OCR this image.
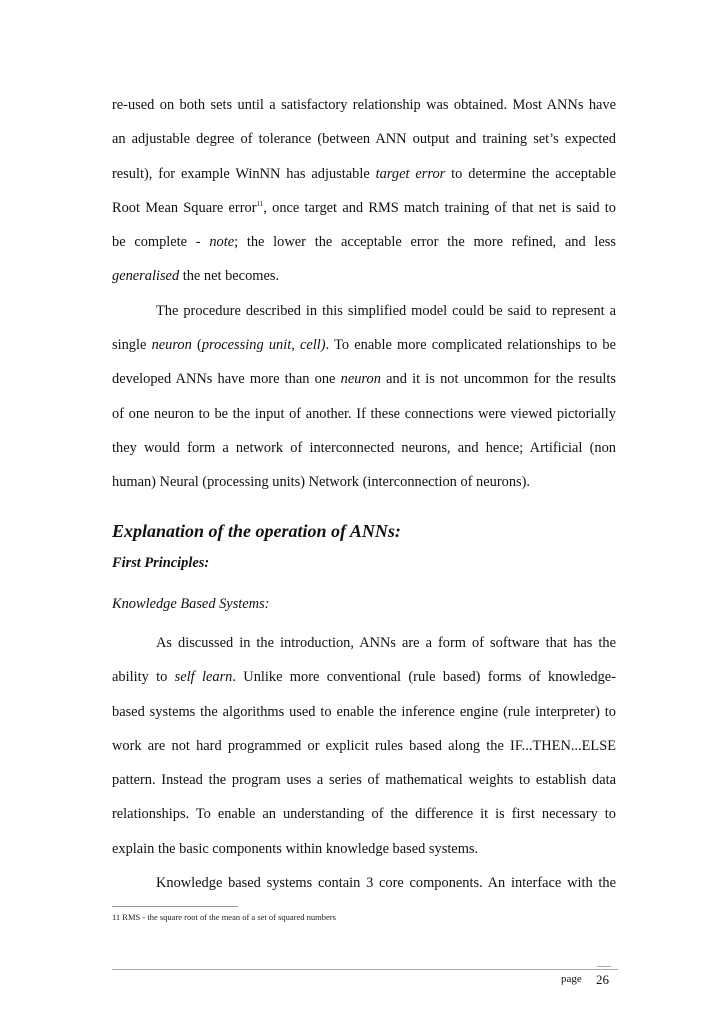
re-used on both sets until a satisfactory relationship was obtained. Most ANNs have
an adjustable degree of tolerance (between ANN output and training set’s expected
result), for example WinNN has adjustable target error to determine the acceptable
Root Mean Square error$^{11}$, once target and RMS match training of that net is said to
be complete - note; the lower the acceptable error the more refined, and less
generalised the net becomes.

The procedure described in this simplified model could be said to represent a
single neuron (processing unit, cell). To enable more complicated relationships to be
developed ANNs have more than one neuron and it is not uncommon for the results
of one neuron to be the input of another. If these connections were viewed pictorially
they would form a network of interconnected neurons, and hence; Artificial (non
human) Neural (processing units) Network (interconnection of neurons).

Explanation of the operation of ANNs:
First Principles:
Knowledge Based Systems:

As discussed in the introduction, ANNs are a form of software that has the
ability to self learn. Unlike more conventional (rule based) forms of knowledge-
based systems the algorithms used to enable the inference engine (rule interpreter) to
work are not hard programmed or explicit rules based along the IF...THEN...ELSE
pattern. Instead the program uses a series of mathematical weights to establish data
relationships. To enable an understanding of the difference it is first necessary to
explain the basic components within knowledge based systems.

Knowledge based systems contain 3 core components. An interface with the

11 RMS - the square root of the mean of a set of squared numbers
page 26
